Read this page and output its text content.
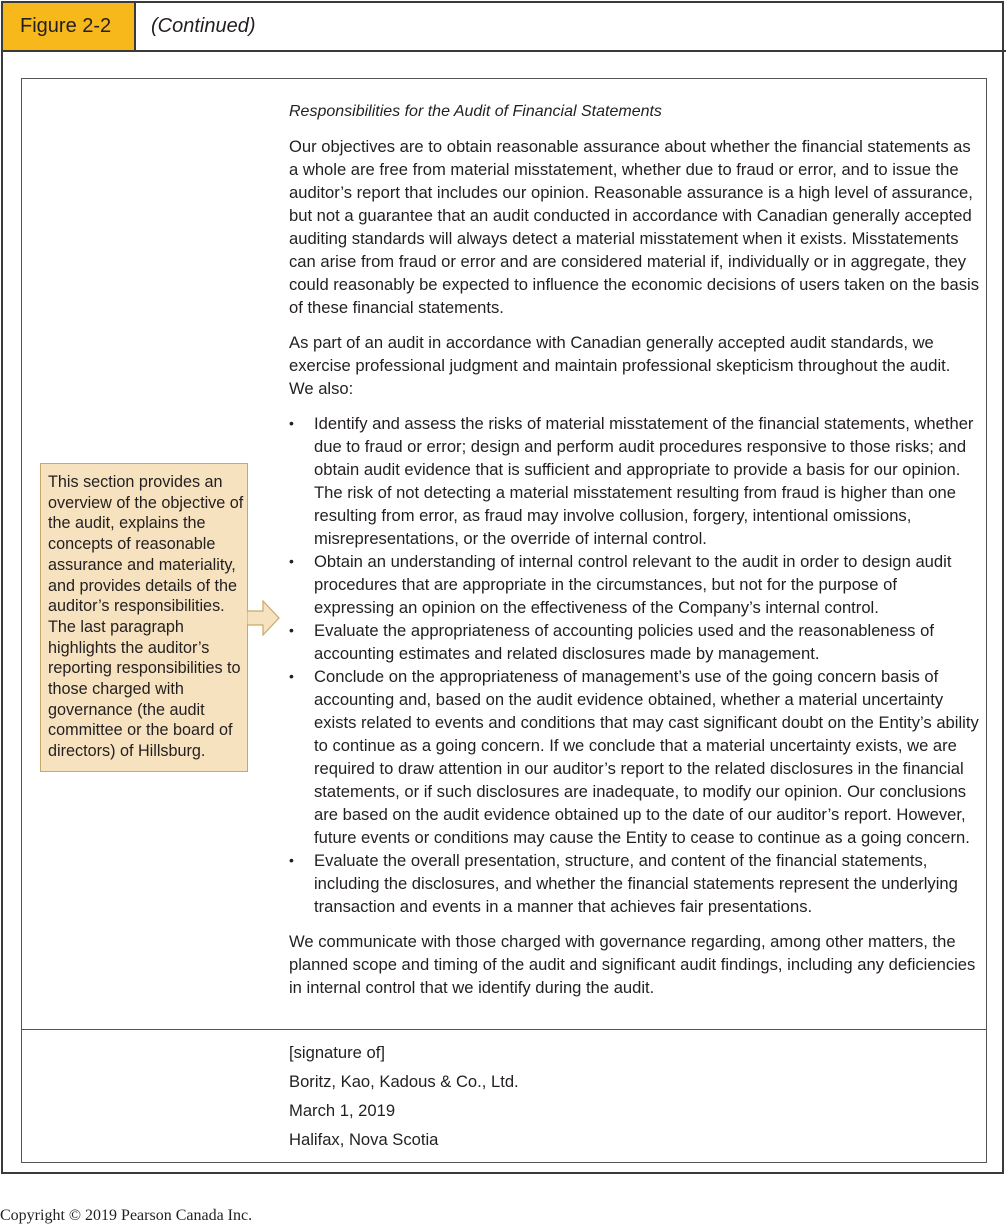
Figure 2-2	(Continued)

Responsibilities for the Audit of Financial Statements

Our objectives are to obtain reasonable assurance about whether the financial statements as a whole are free from material misstatement, whether due to fraud or error, and to issue the auditor’s report that includes our opinion. Reasonable assurance is a high level of assurance, but not a guarantee that an audit conducted in accordance with Canadian generally accepted auditing standards will always detect a material misstatement when it exists. Misstatements can arise from fraud or error and are considered material if, individually or in aggregate, they could reasonably be expected to influence the economic decisions of users taken on the basis of these financial statements.

As part of an audit in accordance with Canadian generally accepted audit standards, we exercise professional judgment and maintain professional skepticism throughout the audit. We also:

•	Identify and assess the risks of material misstatement of the financial statements, whether due to fraud or error; design and perform audit procedures responsive to those risks; and obtain audit evidence that is sufficient and appropriate to provide a basis for our opinion. The risk of not detecting a material misstatement resulting from fraud is higher than one resulting from error, as fraud may involve collusion, forgery, intentional omissions, misrepresentations, or the override of internal control.
•	Obtain an understanding of internal control relevant to the audit in order to design audit procedures that are appropriate in the circumstances, but not for the purpose of expressing an opinion on the effectiveness of the Company’s internal control.
•	Evaluate the appropriateness of accounting policies used and the reasonableness of accounting estimates and related disclosures made by management.
•	Conclude on the appropriateness of management’s use of the going concern basis of accounting and, based on the audit evidence obtained, whether a material uncertainty exists related to events and conditions that may cast significant doubt on the Entity’s ability to continue as a going concern. If we conclude that a material uncertainty exists, we are required to draw attention in our auditor’s report to the related disclosures in the financial statements, or if such disclosures are inadequate, to modify our opinion. Our conclusions are based on the audit evidence obtained up to the date of our auditor’s report. However, future events or conditions may cause the Entity to cease to continue as a going concern.
•	Evaluate the overall presentation, structure, and content of the financial statements, including the disclosures, and whether the financial statements represent the underlying transaction and events in a manner that achieves fair presentations.

We communicate with those charged with governance regarding, among other matters, the planned scope and timing of the audit and significant audit findings, including any deficiencies in internal control that we identify during the audit.

[signature of]
Boritz, Kao, Kadous & Co., Ltd.
March 1, 2019
Halifax, Nova Scotia
This section provides an overview of the objective of the audit, explains the concepts of reasonable assurance and materiality, and provides details of the auditor’s responsibilities. The last paragraph highlights the auditor’s reporting responsibilities to those charged with governance (the audit committee or the board of directors) of Hillsburg.
Copyright © 2019 Pearson Canada Inc.
